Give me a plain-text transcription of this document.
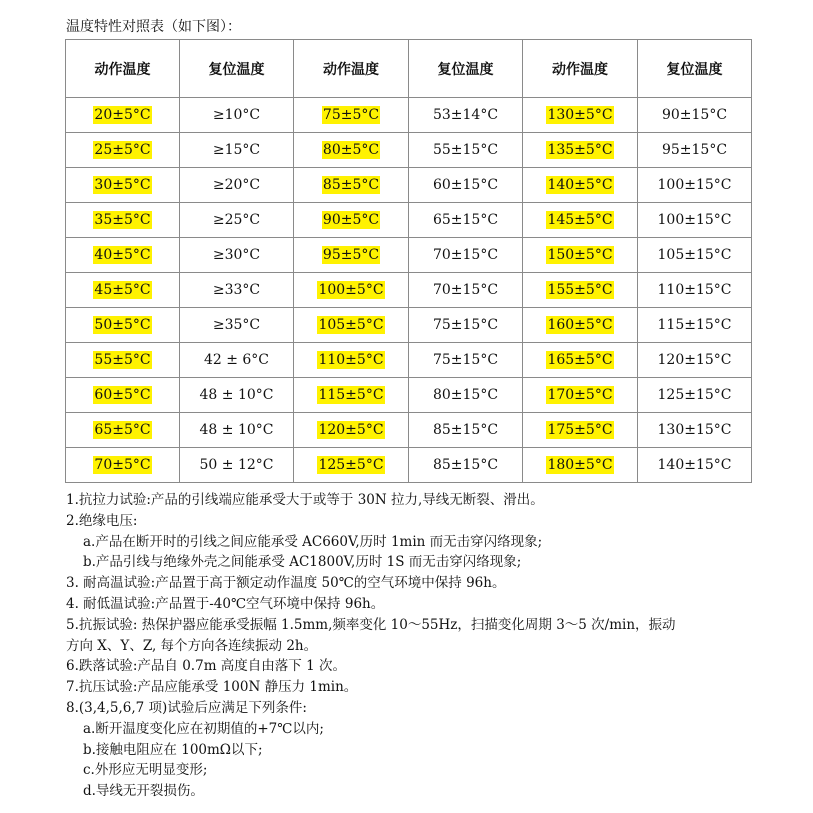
温度特性对照表（如下图）：
动作温度	复位温度	动作温度	复位温度	动作温度	复位温度
20±5°C	≥10°C	75±5°C	53±14°C	130±5°C	90±15°C
25±5°C	≥15°C	80±5°C	55±15°C	135±5°C	95±15°C
30±5°C	≥20°C	85±5°C	60±15°C	140±5°C	100±15°C
35±5°C	≥25°C	90±5°C	65±15°C	145±5°C	100±15°C
40±5°C	≥30°C	95±5°C	70±15°C	150±5°C	105±15°C
45±5°C	≥33°C	100±5°C	70±15°C	155±5°C	110±15°C
50±5°C	≥35°C	105±5°C	75±15°C	160±5°C	115±15°C
55±5°C	42 ± 6°C	110±5°C	75±15°C	165±5°C	120±15°C
60±5°C	48 ± 10°C	115±5°C	80±15°C	170±5°C	125±15°C
65±5°C	48 ± 10°C	120±5°C	85±15°C	175±5°C	130±15°C
70±5°C	50 ± 12°C	125±5°C	85±15°C	180±5°C	140±15°C
1.抗拉力试验:产品的引线端应能承受大于或等于 30N 拉力,导线无断裂、滑出。
2.绝缘电压:
a.产品在断开时的引线之间应能承受 AC660V,历时 1min 而无击穿闪络现象;
b.产品引线与绝缘外壳之间能承受 AC1800V,历时 1S 而无击穿闪络现象;
3. 耐高温试验:产品置于高于额定动作温度 50℃的空气环境中保持 96h。
4. 耐低温试验:产品置于-40℃空气环境中保持 96h。
5.抗振试验: 热保护器应能承受振幅 1.5mm,频率变化 10～55Hz，扫描变化周期 3～5 次/min，振动
方向 X、Y、Z, 每个方向各连续振动 2h。
6.跌落试验:产品自 0.7m 高度自由落下 1 次。
7.抗压试验:产品应能承受 100N 静压力 1min。
8.(3,4,5,6,7 项)试验后应满足下列条件:
a.断开温度变化应在初期值的+7℃以内;
b.接触电阻应在 100mΩ以下;
c.外形应无明显变形;
d.导线无开裂损伤。
